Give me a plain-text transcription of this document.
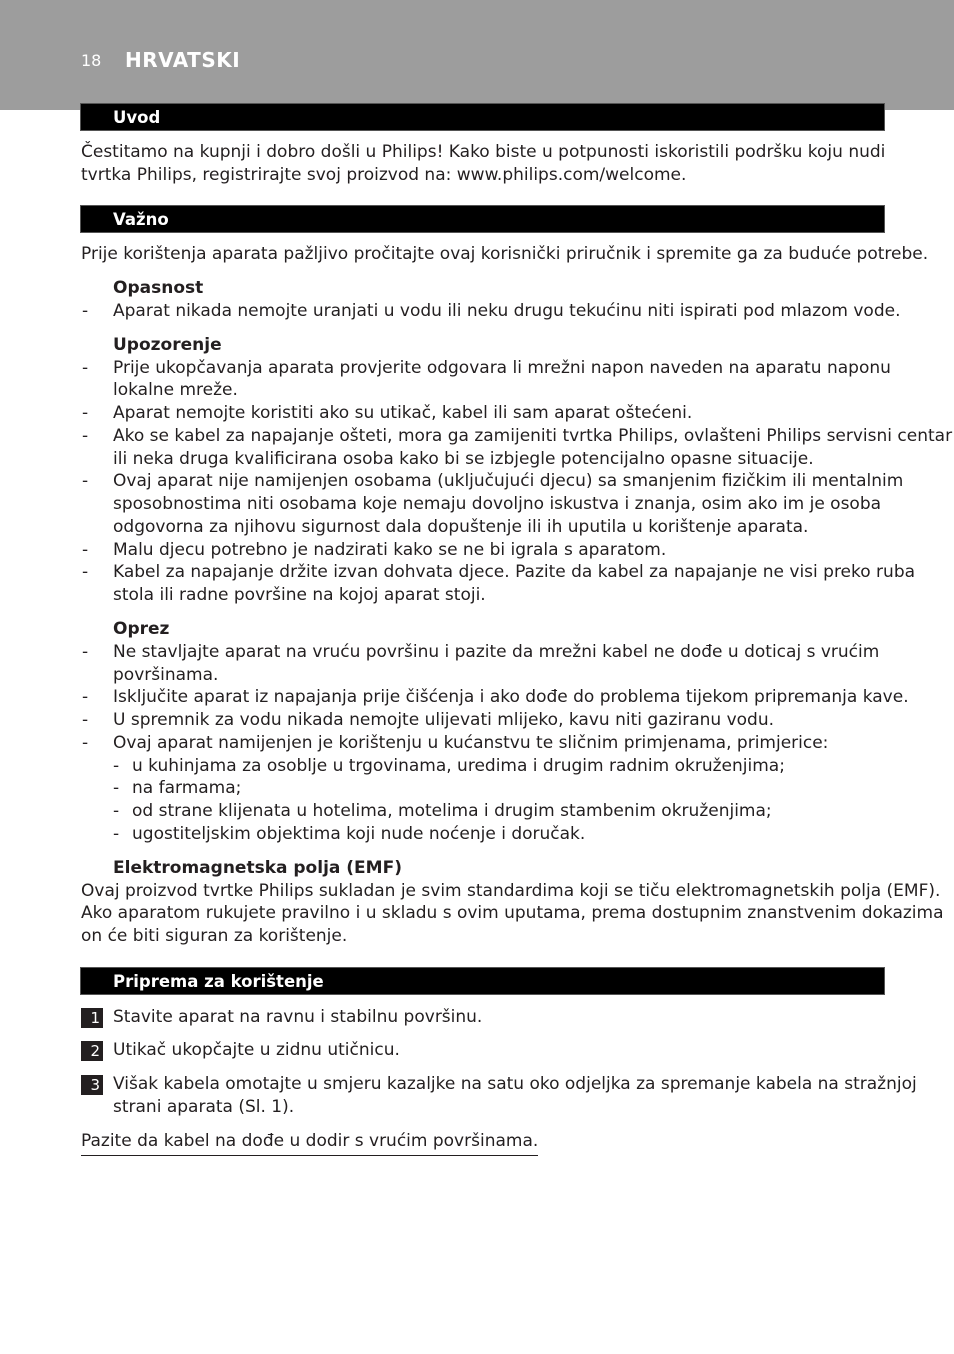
18 HRVATSKI
Uvod
Čestitamo na kupnji i dobro došli u Philips! Kako biste u potpunosti iskoristili podršku koju nudi
tvrtka Philips, registrirajte svoj proizvod na: www.philips.com/welcome.
Važno
Prije korištenja aparata pažljivo pročitajte ovaj korisnički priručnik i spremite ga za buduće potrebe.
Opasnost
- Aparat nikada nemojte uranjati u vodu ili neku drugu tekućinu niti ispirati pod mlazom vode.
Upozorenje
- Prije ukopčavanja aparata provjerite odgovara li mrežni napon naveden na aparatu naponu
lokalne mreže.
- Aparat nemojte koristiti ako su utikač, kabel ili sam aparat oštećeni.
- Ako se kabel za napajanje ošteti, mora ga zamijeniti tvrtka Philips, ovlašteni Philips servisni centar
ili neka druga kvalificirana osoba kako bi se izbjegle potencijalno opasne situacije.
- Ovaj aparat nije namijenjen osobama (uključujući djecu) sa smanjenim fizičkim ili mentalnim
sposobnostima niti osobama koje nemaju dovoljno iskustva i znanja, osim ako im je osoba
odgovorna za njihovu sigurnost dala dopuštenje ili ih uputila u korištenje aparata.
- Malu djecu potrebno je nadzirati kako se ne bi igrala s aparatom.
- Kabel za napajanje držite izvan dohvata djece. Pazite da kabel za napajanje ne visi preko ruba
stola ili radne površine na kojoj aparat stoji.
Oprez
- Ne stavljajte aparat na vruću površinu i pazite da mrežni kabel ne dođe u doticaj s vrućim
površinama.
- Isključite aparat iz napajanja prije čišćenja i ako dođe do problema tijekom pripremanja kave.
- U spremnik za vodu nikada nemojte ulijevati mlijeko, kavu niti gaziranu vodu.
- Ovaj aparat namijenjen je korištenju u kućanstvu te sličnim primjenama, primjerice:
- u kuhinjama za osoblje u trgovinama, uredima i drugim radnim okruženjima;
- na farmama;
- od strane klijenata u hotelima, motelima i drugim stambenim okruženjima;
- ugostiteljskim objektima koji nude noćenje i doručak.
Elektromagnetska polja (EMF)
Ovaj proizvod tvrtke Philips sukladan je svim standardima koji se tiču elektromagnetskih polja (EMF).
Ako aparatom rukujete pravilno i u skladu s ovim uputama, prema dostupnim znanstvenim dokazima
on će biti siguran za korištenje.
Priprema za korištenje
1 Stavite aparat na ravnu i stabilnu površinu.
2 Utikač ukopčajte u zidnu utičnicu.
3 Višak kabela omotajte u smjeru kazaljke na satu oko odjeljka za spremanje kabela na stražnjoj
strani aparata (Sl. 1).
Pazite da kabel na dođe u dodir s vrućim površinama.
